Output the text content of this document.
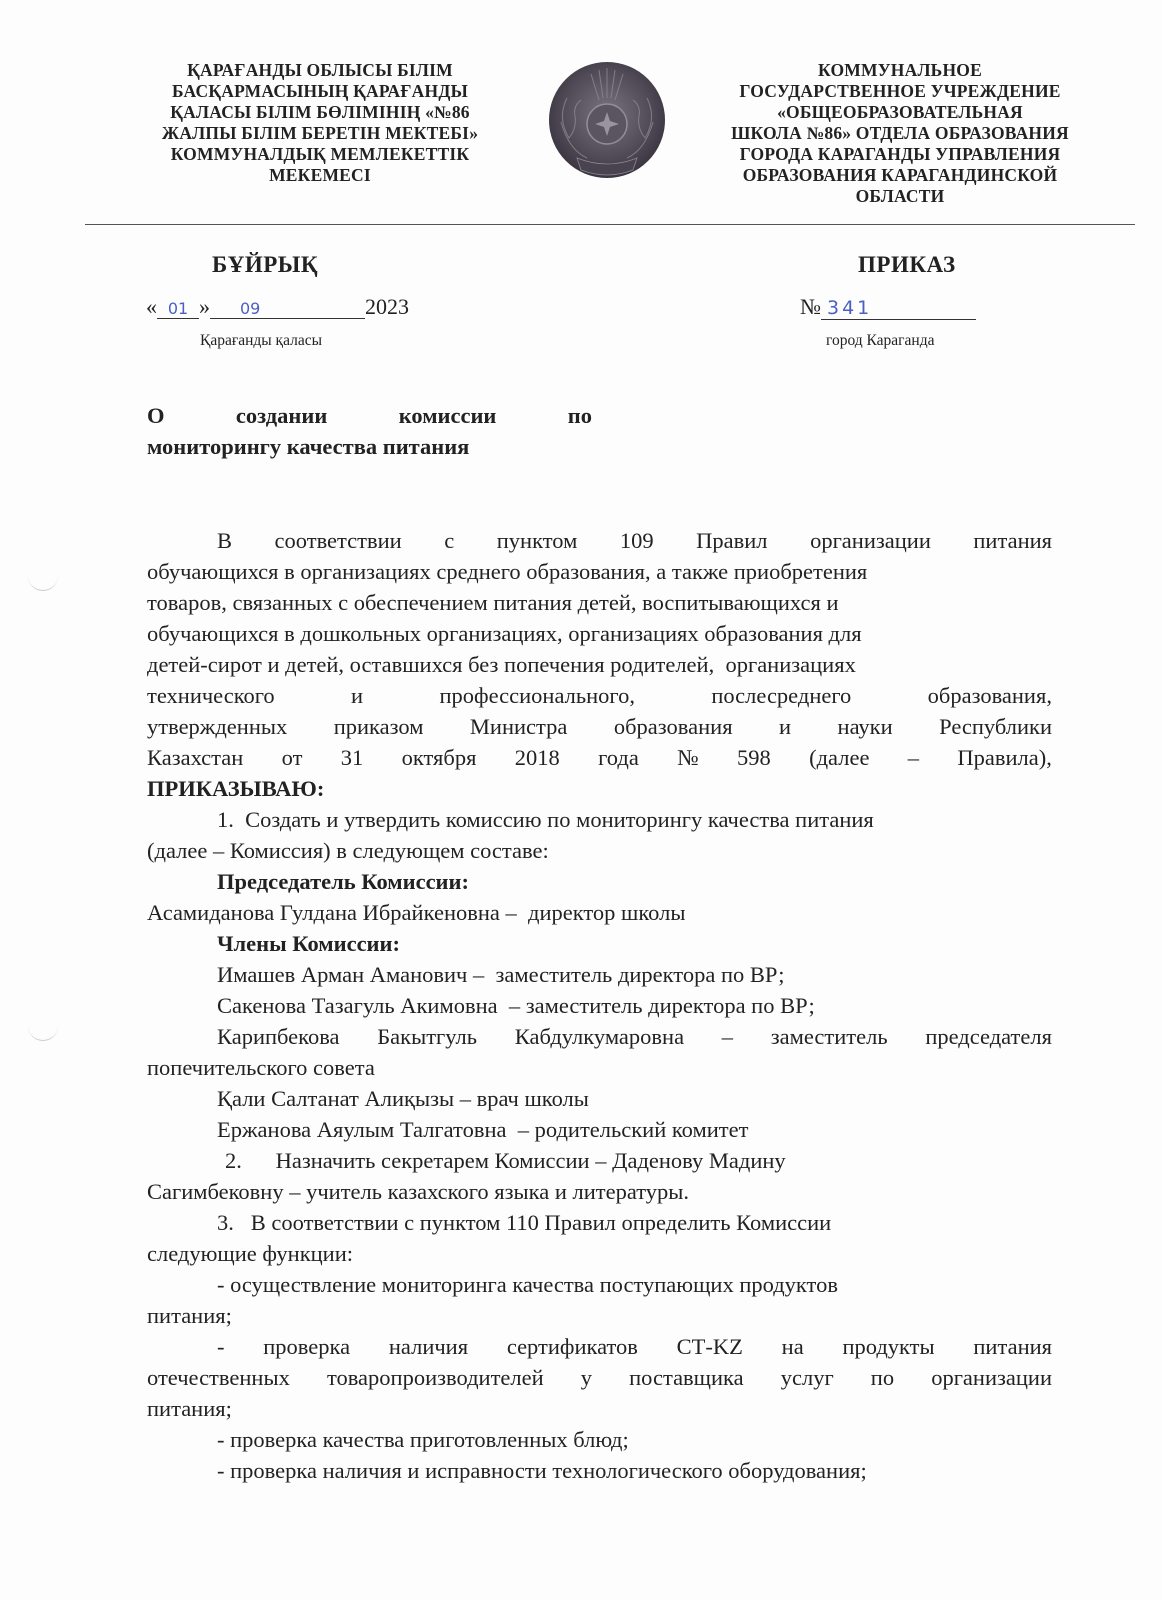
ҚАРАҒАНДЫ ОБЛЫСЫ БІЛІМ
БАСҚАРМАСЫНЫҢ ҚАРАҒАНДЫ
ҚАЛАСЫ БІЛІМ БӨЛІМІНІҢ «№86
ЖАЛПЫ БІЛІМ БЕРЕТІН МЕКТЕБІ»
КОММУНАЛДЫҚ МЕМЛЕКЕТТІК
МЕКЕМЕСІ
КОММУНАЛЬНОЕ
ГОСУДАРСТВЕННОЕ УЧРЕЖДЕНИЕ
«ОБЩЕОБРАЗОВАТЕЛЬНАЯ
ШКОЛА №86» ОТДЕЛА ОБРАЗОВАНИЯ
ГОРОДА КАРАГАНДЫ УПРАВЛЕНИЯ
ОБРАЗОВАНИЯ КАРАГАНДИНСКОЙ
ОБЛАСТИ
БҰЙРЫҚ	ПРИКАЗ
« 01 » 09	2023
Қарағанды қаласы
№ 341
город Караганда
О	создании	комиссии	по
мониторингу качества питания
В соответствии с пунктом 109 Правил организации питания
обучающихся в организациях среднего образования, а также приобретения
товаров, связанных с обеспечением питания детей, воспитывающихся и
обучающихся в дошкольных организациях, организациях образования для
детей-сирот и детей, оставшихся без попечения родителей,  организациях
технического	и	профессионального,	послесреднего	образования,
утвержденных приказом Министра образования и науки Республики
Казахстан от 31 октября 2018 года № 598 (далее – Правила),
ПРИКАЗЫВАЮ:
1.  Создать и утвердить комиссию по мониторингу качества питания
(далее – Комиссия) в следующем составе:
Председатель Комиссии:
Асамиданова Гулдана Ибрайкеновна –  директор школы
Члены Комиссии:
Имашев Арман Аманович –  заместитель директора по ВР;
Сакенова Тазагуль Акимовна  – заместитель директора по ВР;
Карипбекова Бакытгуль Кабдулкумаровна – заместитель председателя
попечительского совета
Қали Салтанат Алиқызы – врач школы
Ержанова Аяулым Талгатовна  – родительский комитет
2.      Назначить секретарем Комиссии – Даденову Мадину
Сагимбековну – учитель казахского языка и литературы.
3.   В соответствии с пунктом 110 Правил определить Комиссии
следующие функции:
- осуществление мониторинга качества поступающих продуктов
питания;
- проверка наличия сертификатов СТ-KZ на продукты питания
отечественных товаропроизводителей у поставщика услуг по организации
питания;
- проверка качества приготовленных блюд;
- проверка наличия и исправности технологического оборудования;
